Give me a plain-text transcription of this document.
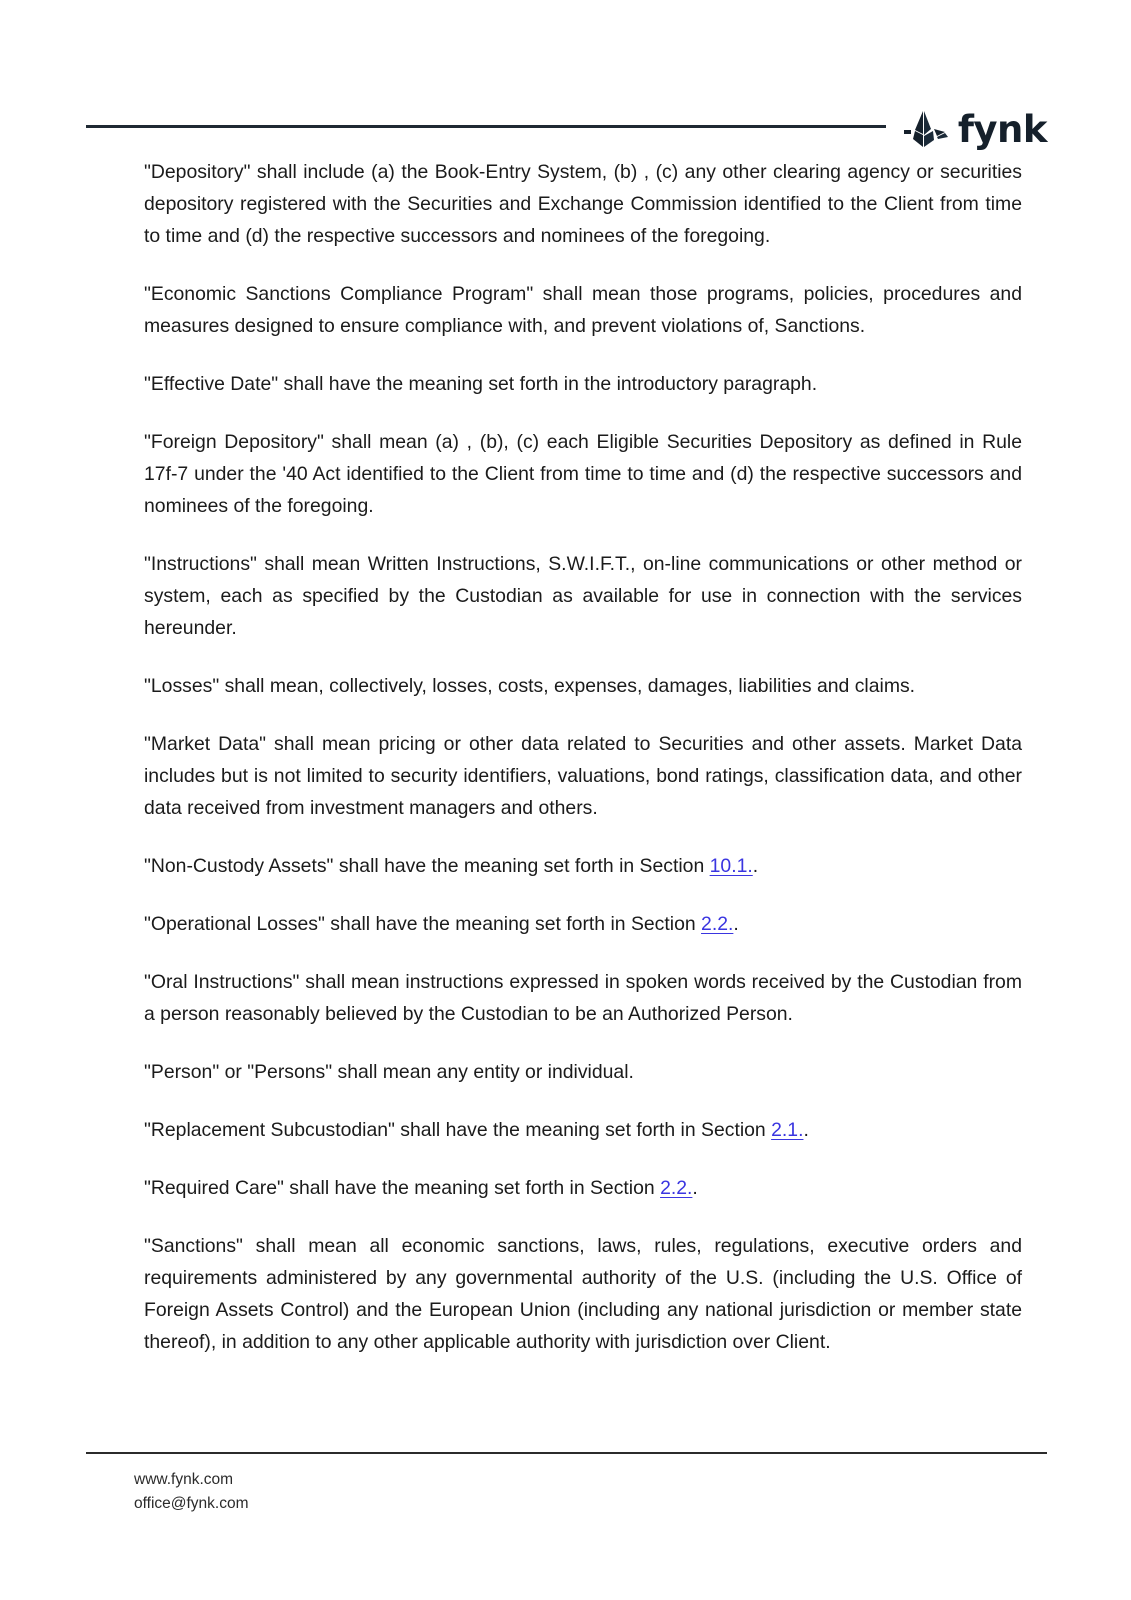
fynk

"Depository" shall include (a) the Book-Entry System, (b) , (c) any other clearing agency or securities depository registered with the Securities and Exchange Commission identified to the Client from time to time and (d) the respective successors and nominees of the foregoing.

"Economic Sanctions Compliance Program" shall mean those programs, policies, procedures and measures designed to ensure compliance with, and prevent violations of, Sanctions.

"Effective Date" shall have the meaning set forth in the introductory paragraph.

"Foreign Depository" shall mean (a) , (b), (c) each Eligible Securities Depository as defined in Rule 17f-7 under the '40 Act identified to the Client from time to time and (d) the respective successors and nominees of the foregoing.

"Instructions" shall mean Written Instructions, S.W.I.F.T., on-line communications or other method or system, each as specified by the Custodian as available for use in connection with the services hereunder.

"Losses" shall mean, collectively, losses, costs, expenses, damages, liabilities and claims.

"Market Data" shall mean pricing or other data related to Securities and other assets. Market Data includes but is not limited to security identifiers, valuations, bond ratings, classification data, and other data received from investment managers and others.

"Non-Custody Assets" shall have the meaning set forth in Section 10.1..

"Operational Losses" shall have the meaning set forth in Section 2.2..

"Oral Instructions" shall mean instructions expressed in spoken words received by the Custodian from a person reasonably believed by the Custodian to be an Authorized Person.

"Person" or "Persons" shall mean any entity or individual.

"Replacement Subcustodian" shall have the meaning set forth in Section 2.1..

"Required Care" shall have the meaning set forth in Section 2.2..

"Sanctions" shall mean all economic sanctions, laws, rules, regulations, executive orders and requirements administered by any governmental authority of the U.S. (including the U.S. Office of Foreign Assets Control) and the European Union (including any national jurisdiction or member state thereof), in addition to any other applicable authority with jurisdiction over Client.

www.fynk.com
office@fynk.com
